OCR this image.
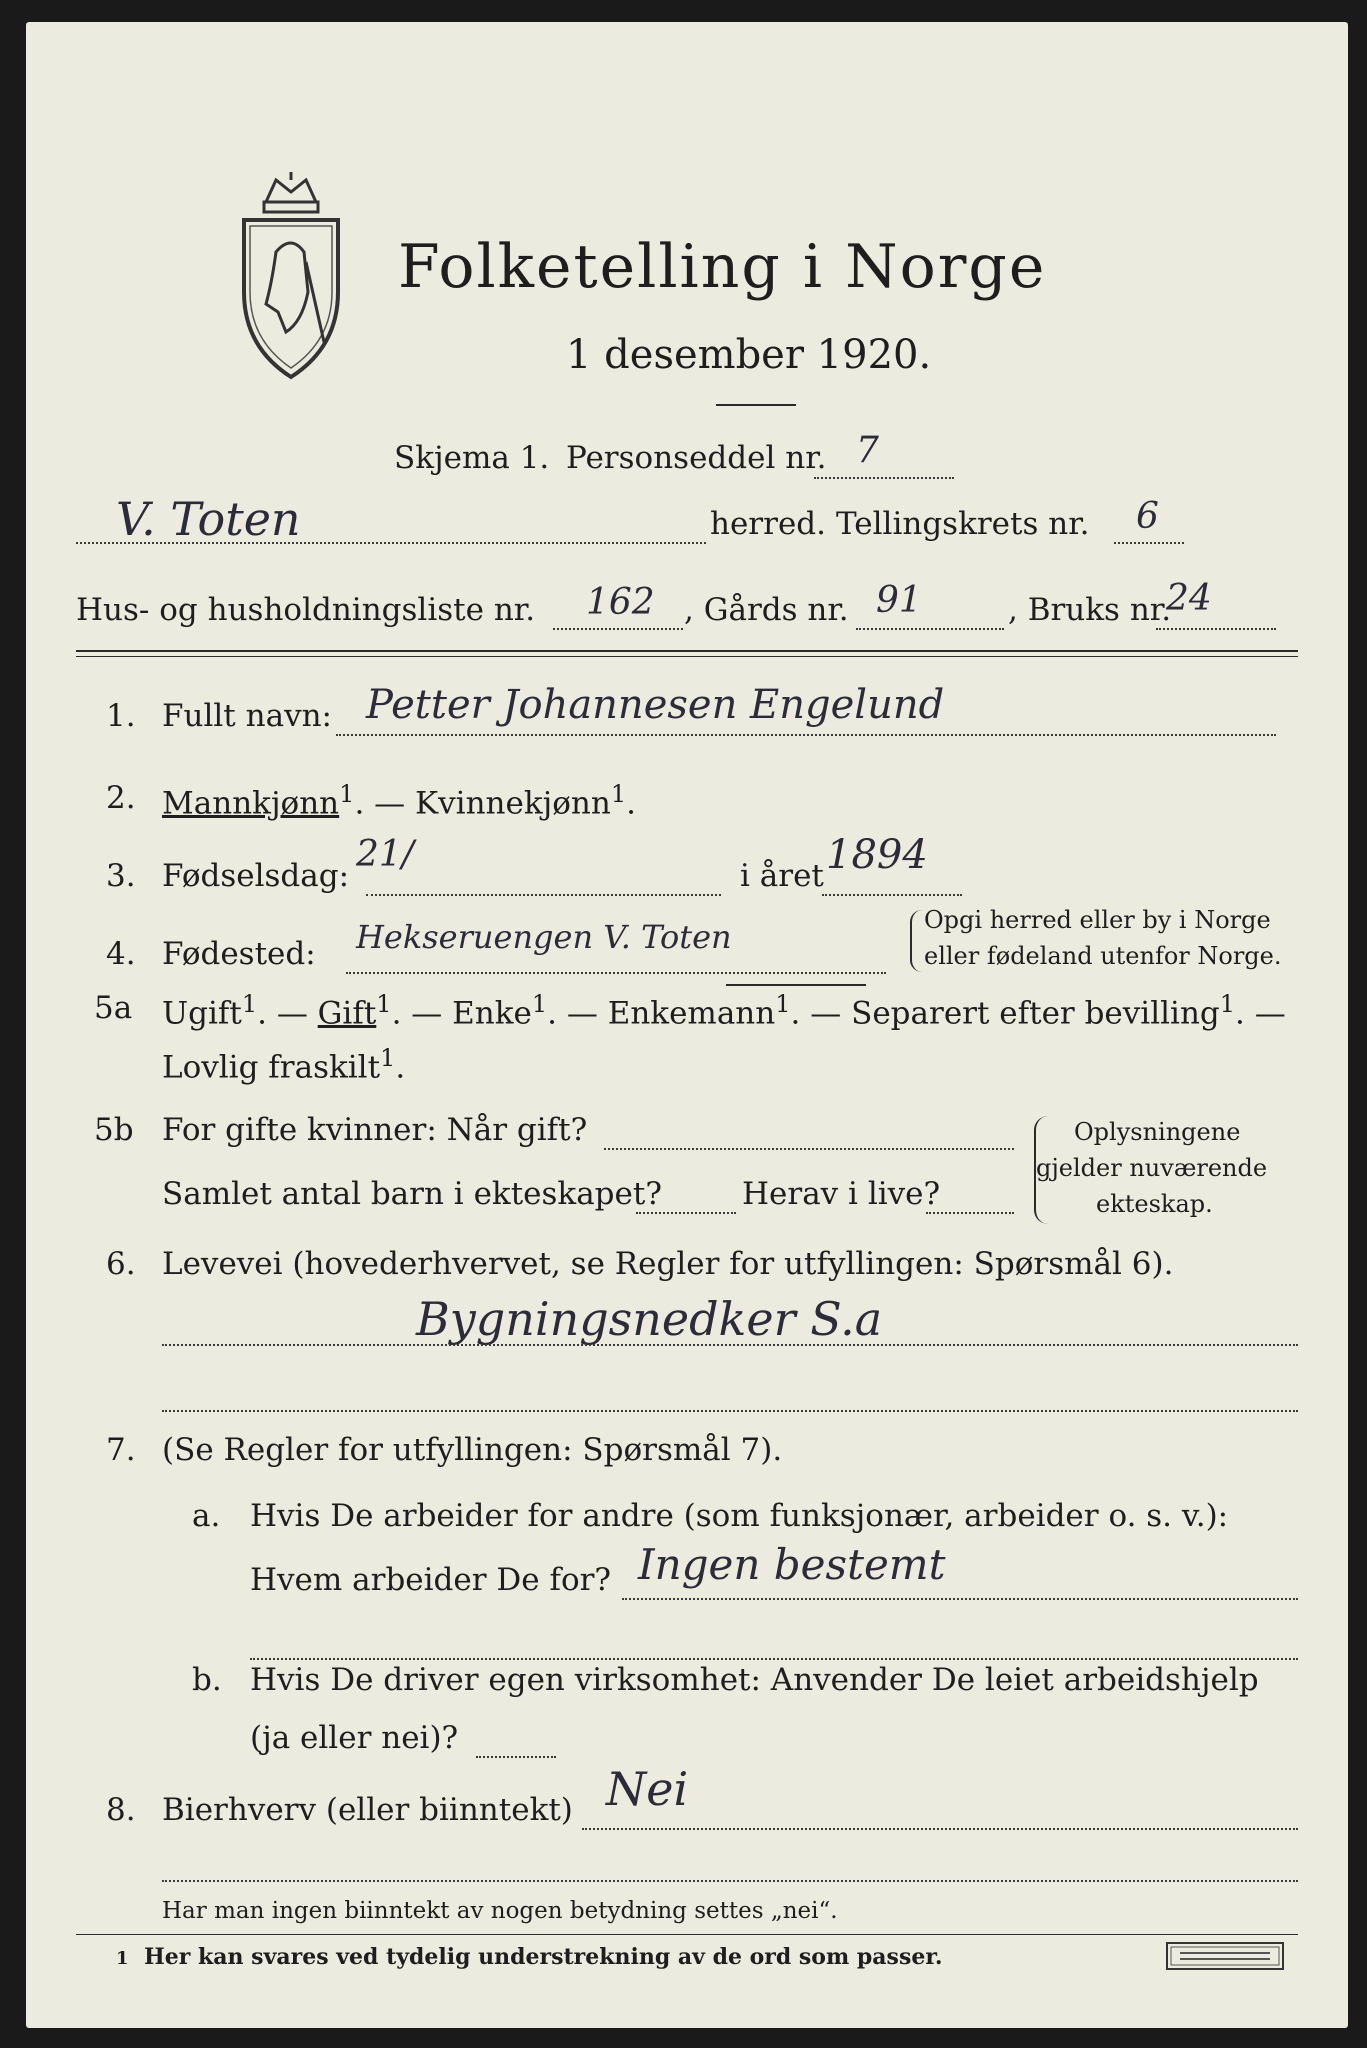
Folketelling i Norge
1 desember 1920.
Skjema 1. Personseddel nr. 7
V. Toten	herred. Tellingskrets nr. 6
Hus- og husholdningsliste nr. 162 , Gårds nr. 91	, Bruks nr.
24
1. Fullt navn: Petter Johannesen Engelund
2. Mannkjønn$^1$. — Kvinnekjønn$^1$.
3. Fødselsdag:
21/
i året 1894
4. Fødested: Hekseruengen V. Toten	Opgi herred eller by i Norge
eller fødeland utenfor Norge.
5a Ugift$^1$. — Gift$^1$. — Enke$^1$. — Enkemann$^1$. — Separert efter bevilling$^1$. —
Lovlig fraskilt$^1$.
5b For gifte kvinner: Når gift?
Samlet antal barn i ekteskapet?	Herav i live?
Oplysningene
gjelder nuværende
ekteskap.
6. Levevei (hovederhvervet, se Regler for utfyllingen: Spørsmål 6).
Bygningsnedker S.a
7. (Se Regler for utfyllingen: Spørsmål 7).
a. Hvis De arbeider for andre (som funksjonær, arbeider o. s. v.):
Hvem arbeider De for? Ingen bestemt
b. Hvis De driver egen virksomhet: Anvender De leiet arbeidshjelp
(ja eller nei)?
8. Bierhverv (eller biinntekt) Nei
Har man ingen biinntekt av nogen betydning settes „nei“.
1 Her kan svares ved tydelig understrekning av de ord som passer.
